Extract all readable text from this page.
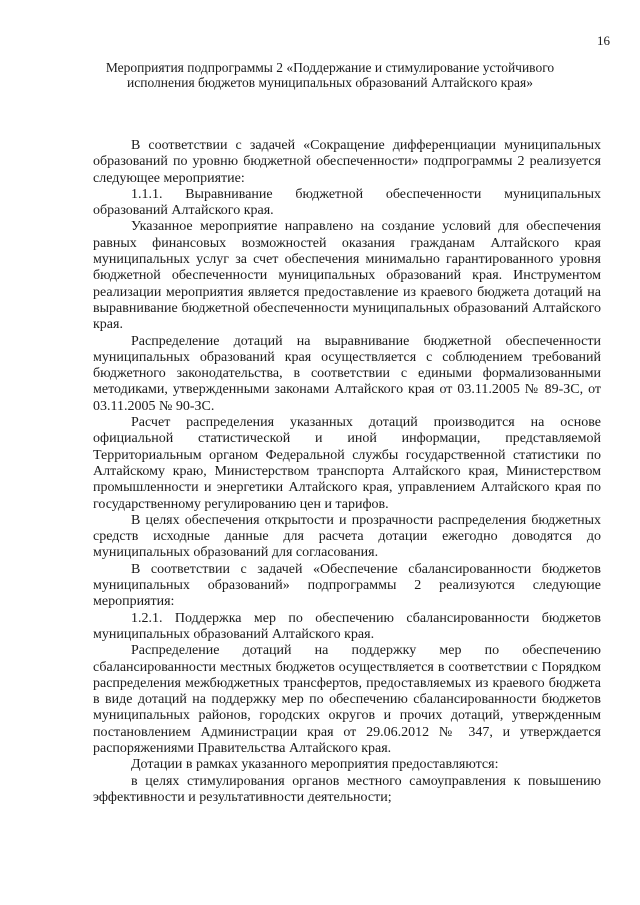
16
Мероприятия подпрограммы 2 «Поддержание и стимулирование устойчивого исполнения бюджетов муниципальных образований Алтайского края»

В соответствии с задачей «Сокращение дифференциации муниципальных образований по уровню бюджетной обеспеченности» подпрограммы 2 реализуется следующее мероприятие:

1.1.1. Выравнивание бюджетной обеспеченности муниципальных образований Алтайского края.

Указанное мероприятие направлено на создание условий для обеспечения равных финансовых возможностей оказания гражданам Алтайского края муниципальных услуг за счет обеспечения минимально гарантированного уровня бюджетной обеспеченности муниципальных образований края. Инструментом реализации мероприятия является предоставление из краевого бюджета дотаций на выравнивание бюджетной обеспеченности муниципальных образований Алтайского края.

Распределение дотаций на выравнивание бюджетной обеспеченности муниципальных образований края осуществляется с соблюдением требований бюджетного законодательства, в соответствии с едиными формализованными методиками, утвержденными законами Алтайского края от 03.11.2005 № 89-ЗС, от 03.11.2005 № 90-ЗС.

Расчет распределения указанных дотаций производится на основе официальной статистической и иной информации, представляемой Территориальным органом Федеральной службы государственной статистики по Алтайскому краю, Министерством транспорта Алтайского края, Министерством промышленности и энергетики Алтайского края, управлением Алтайского края по государственному регулированию цен и тарифов.

В целях обеспечения открытости и прозрачности распределения бюджетных средств исходные данные для расчета дотации ежегодно доводятся до муниципальных образований для согласования.

В соответствии с задачей «Обеспечение сбалансированности бюджетов муниципальных образований» подпрограммы 2 реализуются следующие мероприятия:

1.2.1. Поддержка мер по обеспечению сбалансированности бюджетов муниципальных образований Алтайского края.

Распределение дотаций на поддержку мер по обеспечению сбалансированности местных бюджетов осуществляется в соответствии с Порядком распределения межбюджетных трансфертов, предоставляемых из краевого бюджета в виде дотаций на поддержку мер по обеспечению сбалансированности бюджетов муниципальных районов, городских округов и прочих дотаций, утвержденным постановлением Администрации края от 29.06.2012 № 347, и утверждается распоряжениями Правительства Алтайского края.

Дотации в рамках указанного мероприятия предоставляются:

в целях стимулирования органов местного самоуправления к повышению эффективности и результативности деятельности;
